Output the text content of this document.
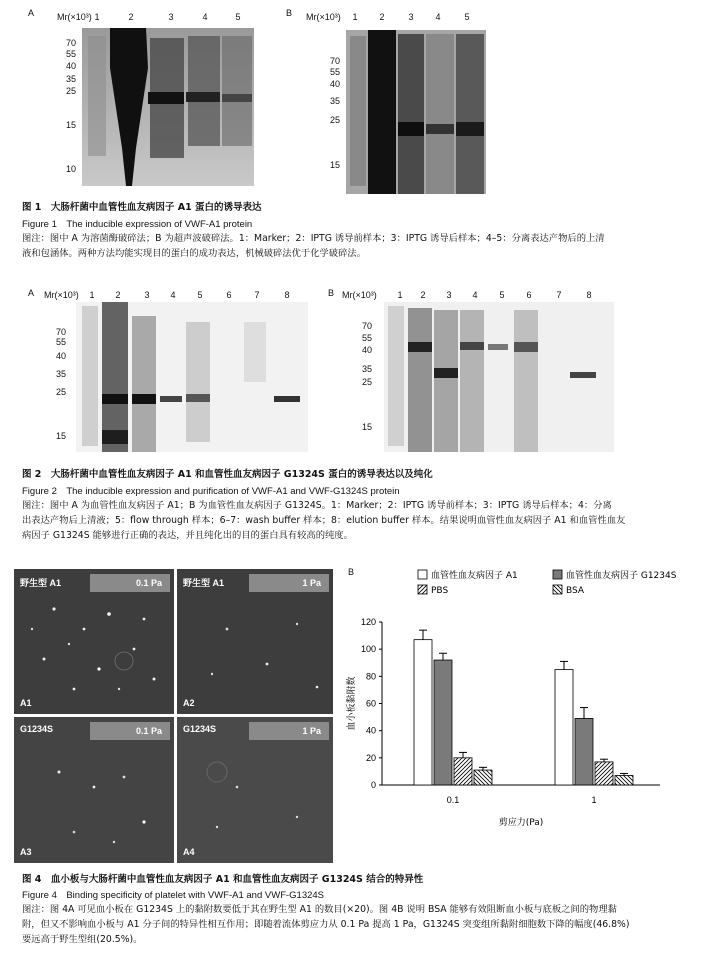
A	Mr(×10³) 1	2	3	4	5
70
55
40
35
25
15
10
B Mr(×10³)	1	2	3	4	5
70
55
40
35
25
15
图 1　大肠杆菌中血管性血友病因子 A1 蛋白的诱导表达
Figure 1　The inducible expression of VWF-A1 protein
图注：图中 A 为溶菌酶破碎法；B 为超声波破碎法。1：Marker；2：IPTG 诱导前样本；3：IPTG 诱导后样本；4–5：分离表达产物后的上清
液和包涵体。两种方法均能实现目的蛋白的成功表达，机械破碎法优于化学破碎法。
A Mr(×10³)	1	2	3	4	5	6	7	8
70
55
40
35
25
15
B Mr(×10³)	1	2	3	4	5	6	7	8
70
55
40
35
25
15
图 2　大肠杆菌中血管性血友病因子 A1 和血管性血友病因子 G1324S 蛋白的诱导表达以及纯化
Figure 2　The inducible expression and purification of VWF-A1 and VWF-G1324S protein
图注：图中 A 为血管性血友病因子 A1；B 为血管性血友病因子 G1324S。1：Marker；2：IPTG 诱导前样本；3：IPTG 诱导后样本；4：分离
出表达产物后上清液；5：flow through 样本；6–7：wash buffer 样本；8：elution buffer 样本。结果说明血管性血友病因子 A1 和血管性血友
病因子 G1324S 能够进行正确的表达，并且纯化出的目的蛋白具有较高的纯度。
野生型 A1	0.1 Pa
A1
野生型 A1	1 Pa
A2
G1234S	0.1 Pa
A3
G1234S	1 Pa
A4
B	血管性血友病因子 A1	血管性血友病因子 G1234S
PBS	BSA
0
20
40
60
80
100
120
0.1	1
血小板黏附数
剪应力(Pa)
图 4　血小板与大肠杆菌中血管性血友病因子 A1 和血管性血友病因子 G1324S 结合的特异性
Figure 4　Binding specificity of platelet with VWF-A1 and VWF-G1324S
图注：图 4A 可见血小板在 G1234S 上的黏附数要低于其在野生型 A1 的数目(×20)。图 4B 说明 BSA 能够有效阻断血小板与底板之间的物理黏
附，但又不影响血小板与 A1 分子间的特异性相互作用；即随着流体剪应力从 0.1 Pa 提高 1 Pa，G1324S 突变组所黏附细胞数下降的幅度(46.8%)
要远高于野生型组(20.5%)。
